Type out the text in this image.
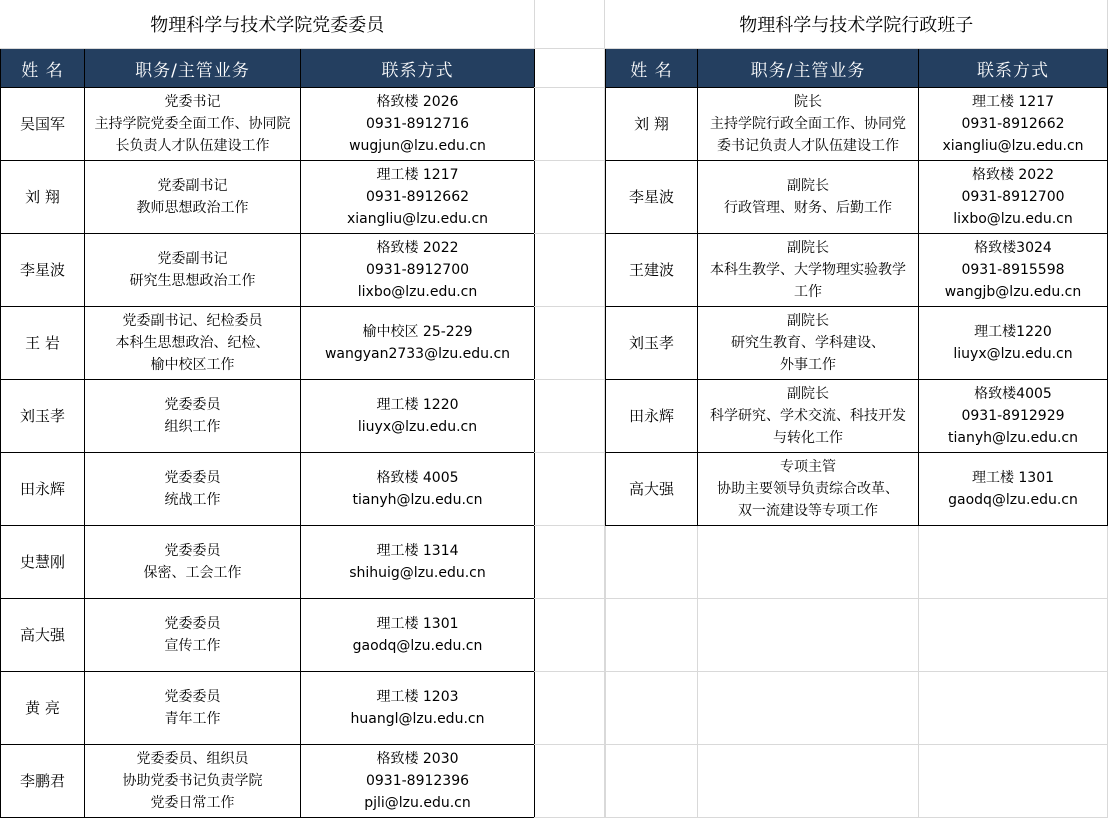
物理科学与技术学院党委委员		
姓 名	职务/主管业务	联系方式
吴国军	党委书记
主持学院党委全面工作、协同院
长负责人才队伍建设工作	格致楼 2026
0931-8912716
wugjun@lzu.edu.cn

刘 翔	党委副书记
教师思想政治工作	理工楼 1217
0931-8912662
xiangliu@lzu.edu.cn

李星波	党委副书记
研究生思想政治工作	格致楼 2022
0931-8912700
lixbo@lzu.edu.cn

王 岩	党委副书记、纪检委员
本科生思想政治、纪检、
榆中校区工作	榆中校区 25-229
wangyan2733@lzu.edu.cn

刘玉孝	党委委员
组织工作	理工楼 1220
liuyx@lzu.edu.cn

田永辉	党委委员
统战工作	格致楼 4005
tianyh@lzu.edu.cn

史慧刚	党委委员
保密、工会工作	理工楼 1314
shihuig@lzu.edu.cn

高大强	党委委员
宣传工作	理工楼 1301
gaodq@lzu.edu.cn

黄 亮	党委委员
青年工作	理工楼 1203
huangl@lzu.edu.cn

李鹏君	党委委员、组织员
协助党委书记负责学院
党委日常工作	格致楼 2030
0931-8912396
pjli@lzu.edu.cn
物理科学与技术学院行政班子		
姓 名	职务/主管业务	联系方式
刘 翔	院长
主持学院行政全面工作、协同党
委书记负责人才队伍建设工作	理工楼 1217
0931-8912662
xiangliu@lzu.edu.cn

李星波	副院长
行政管理、财务、后勤工作	格致楼 2022
0931-8912700
lixbo@lzu.edu.cn

王建波	副院长
本科生教学、大学物理实验教学
工作	格致楼3024
0931-8915598
wangjb@lzu.edu.cn

刘玉孝	副院长
研究生教育、学科建设、
外事工作	理工楼1220
liuyx@lzu.edu.cn

田永辉	副院长
科学研究、学术交流、科技开发
与转化工作	格致楼4005
0931-8912929
tianyh@lzu.edu.cn

高大强	专项主管
协助主要领导负责综合改革、
双一流建设等专项工作	理工楼 1301
gaodq@lzu.edu.cn
